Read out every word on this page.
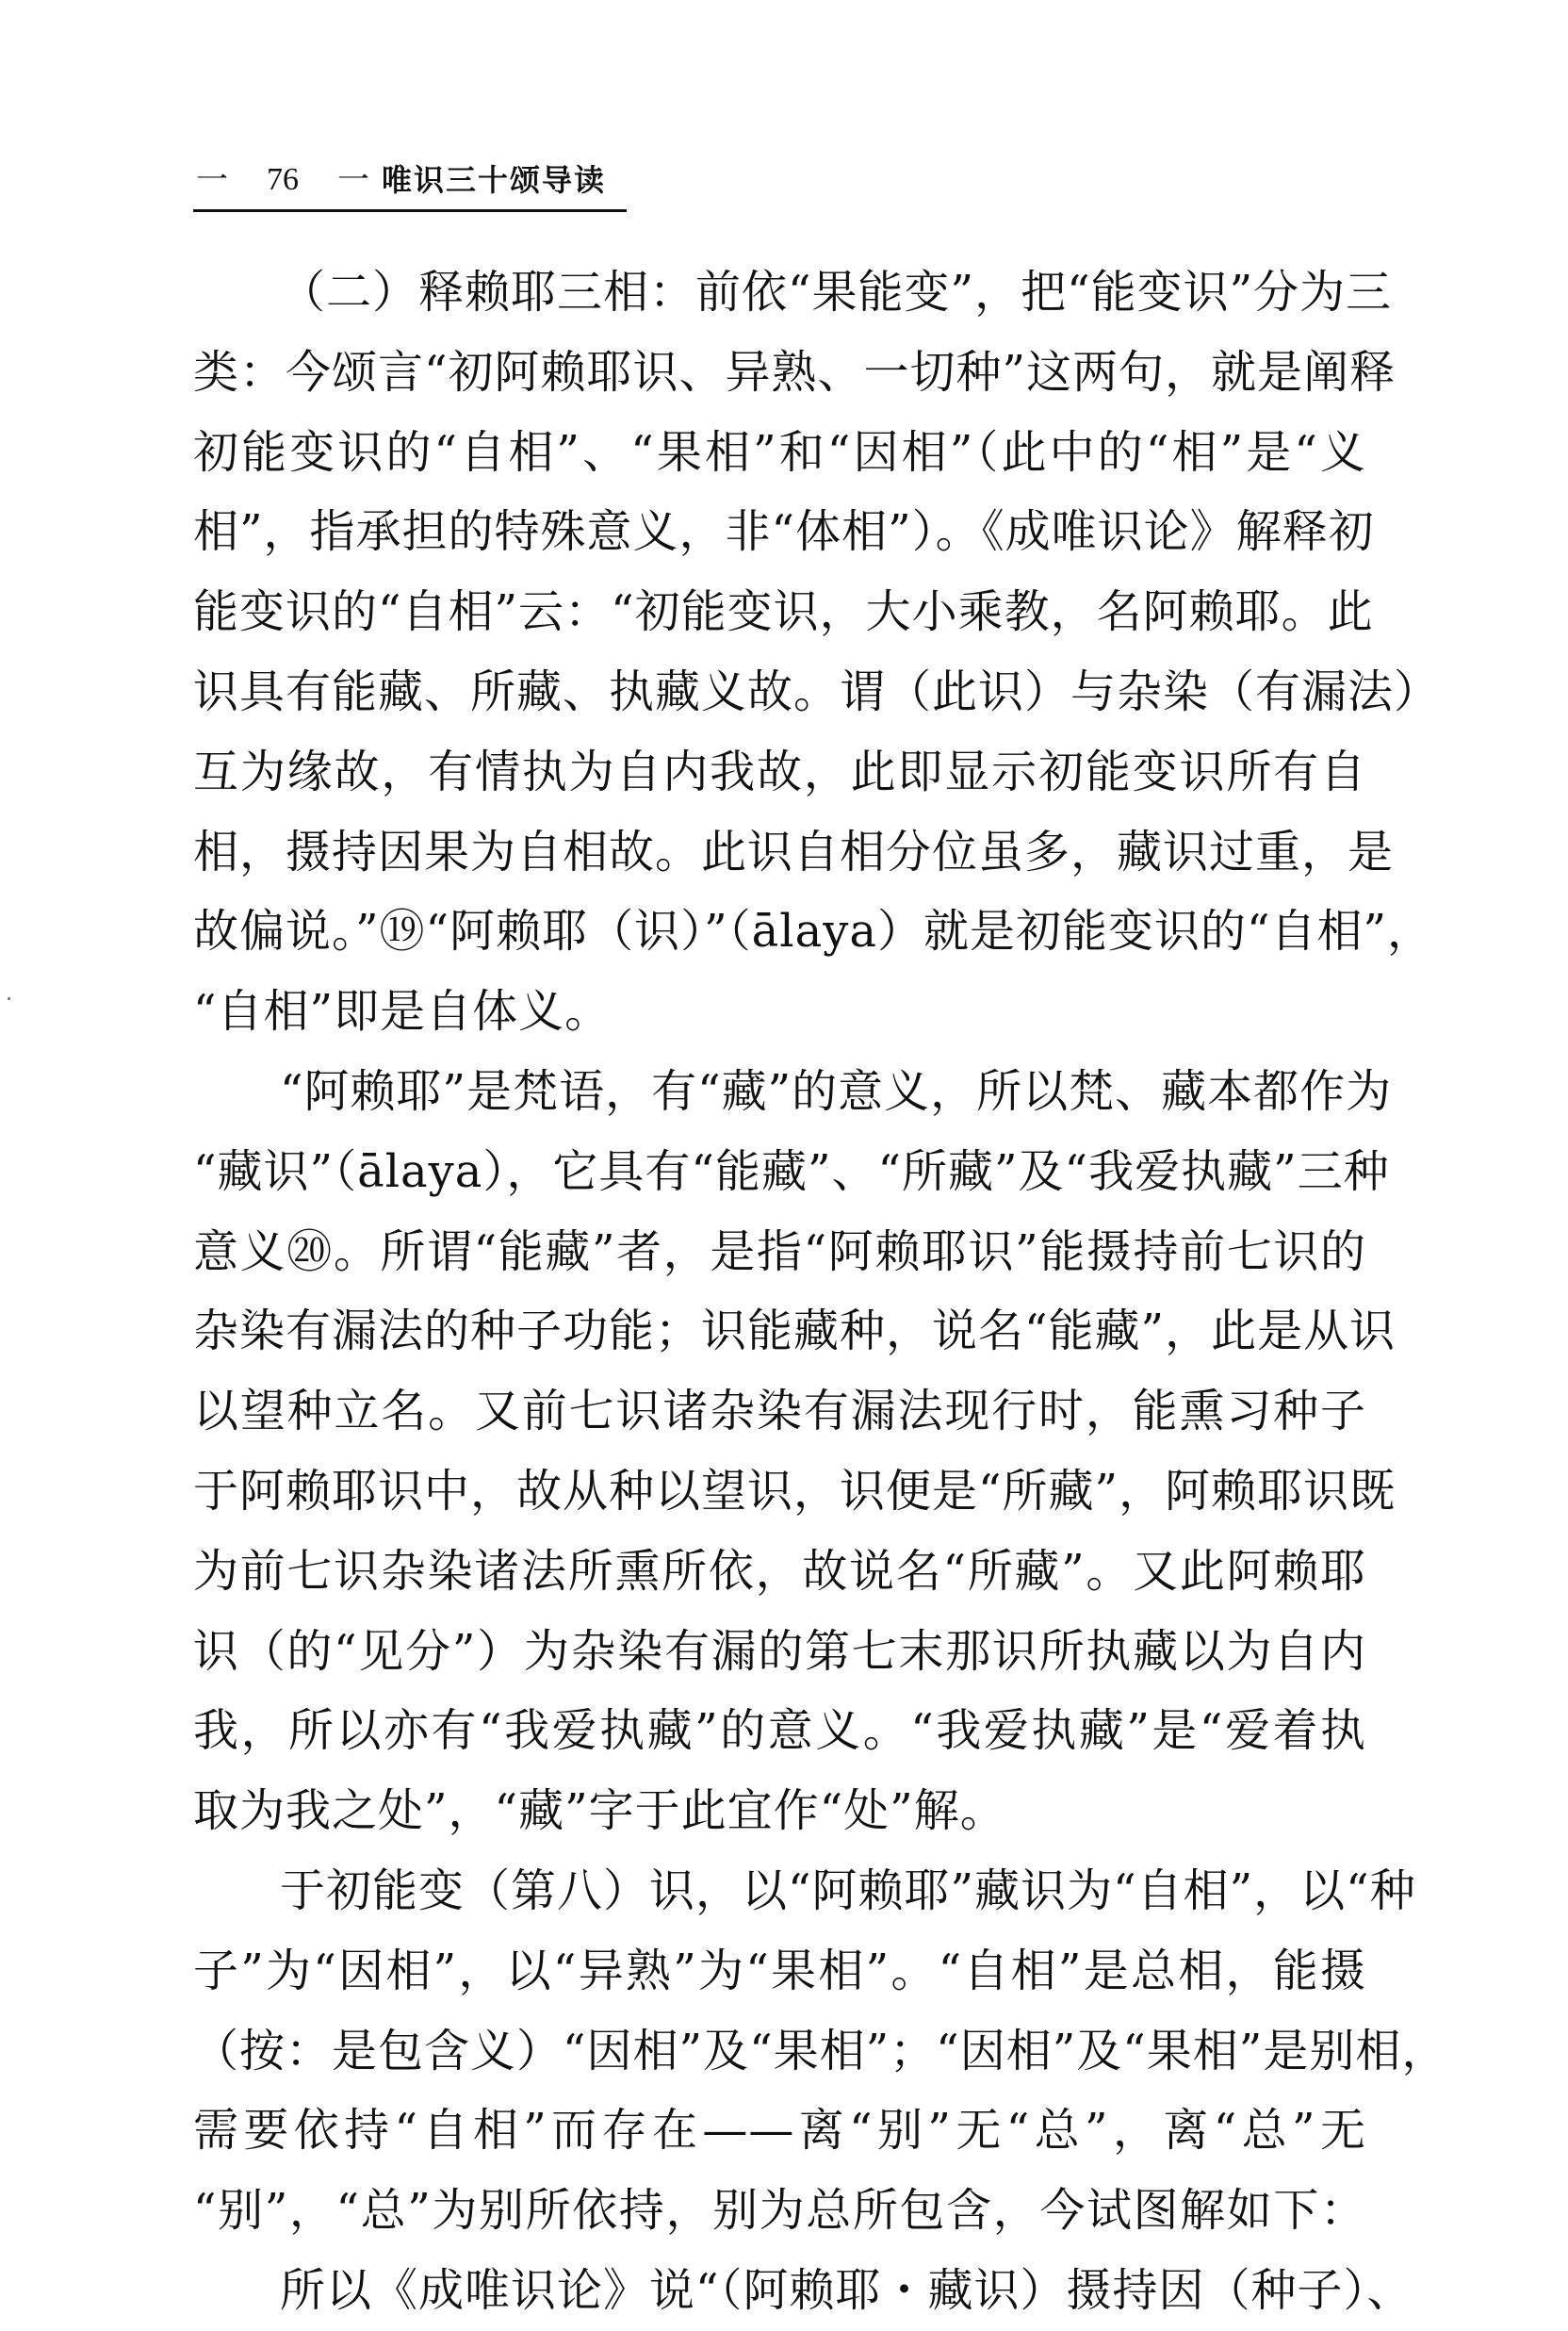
一	76	一 唯识三十颂导读
（二）释赖耶三相：前依“果能变”，把“能变识”分为三
类：今颂言“初阿赖耶识、异熟、一切种”这两句，就是阐释
初能变识的“自相”、“果相”和“因相”（此中的“相”是“义
相”，指承担的特殊意义，非“体相”）。《成唯识论》解释初
能变识的“自相”云：“初能变识，大小乘教，名阿赖耶。此
识具有能藏、所藏、执藏义故。谓（此识）与杂染（有漏法）
互为缘故，有情执为自内我故，此即显示初能变识所有自
相，摄持因果为自相故。此识自相分位虽多，藏识过重，是
故偏说。”⑲“阿赖耶（识）”（ālaya）就是初能变识的“自相”，
“自相”即是自体义。
“阿赖耶”是梵语，有“藏”的意义，所以梵、藏本都作为
“藏识”（ālaya），它具有“能藏”、“所藏”及“我爱执藏”三种
意义⑳。所谓“能藏”者，是指“阿赖耶识”能摄持前七识的
杂染有漏法的种子功能；识能藏种，说名“能藏”，此是从识
以望种立名。又前七识诸杂染有漏法现行时，能熏习种子
于阿赖耶识中，故从种以望识，识便是“所藏”，阿赖耶识既
为前七识杂染诸法所熏所依，故说名“所藏”。又此阿赖耶
识（的“见分”）为杂染有漏的第七末那识所执藏以为自内
我，所以亦有“我爱执藏”的意义。“我爱执藏”是“爱着执
取为我之处”，“藏”字于此宜作“处”解。
于初能变（第八）识，以“阿赖耶”藏识为“自相”，以“种
子”为“因相”，以“异熟”为“果相”。“自相”是总相，能摄
（按：是包含义）“因相”及“果相”；“因相”及“果相”是别相，
需要依持“自相”而存在——离“别”无“总”，离“总”无
“别”，“总”为别所依持，别为总所包含，今试图解如下：
所以《成唯识论》说“（阿赖耶・藏识）摄持因（种子）、
